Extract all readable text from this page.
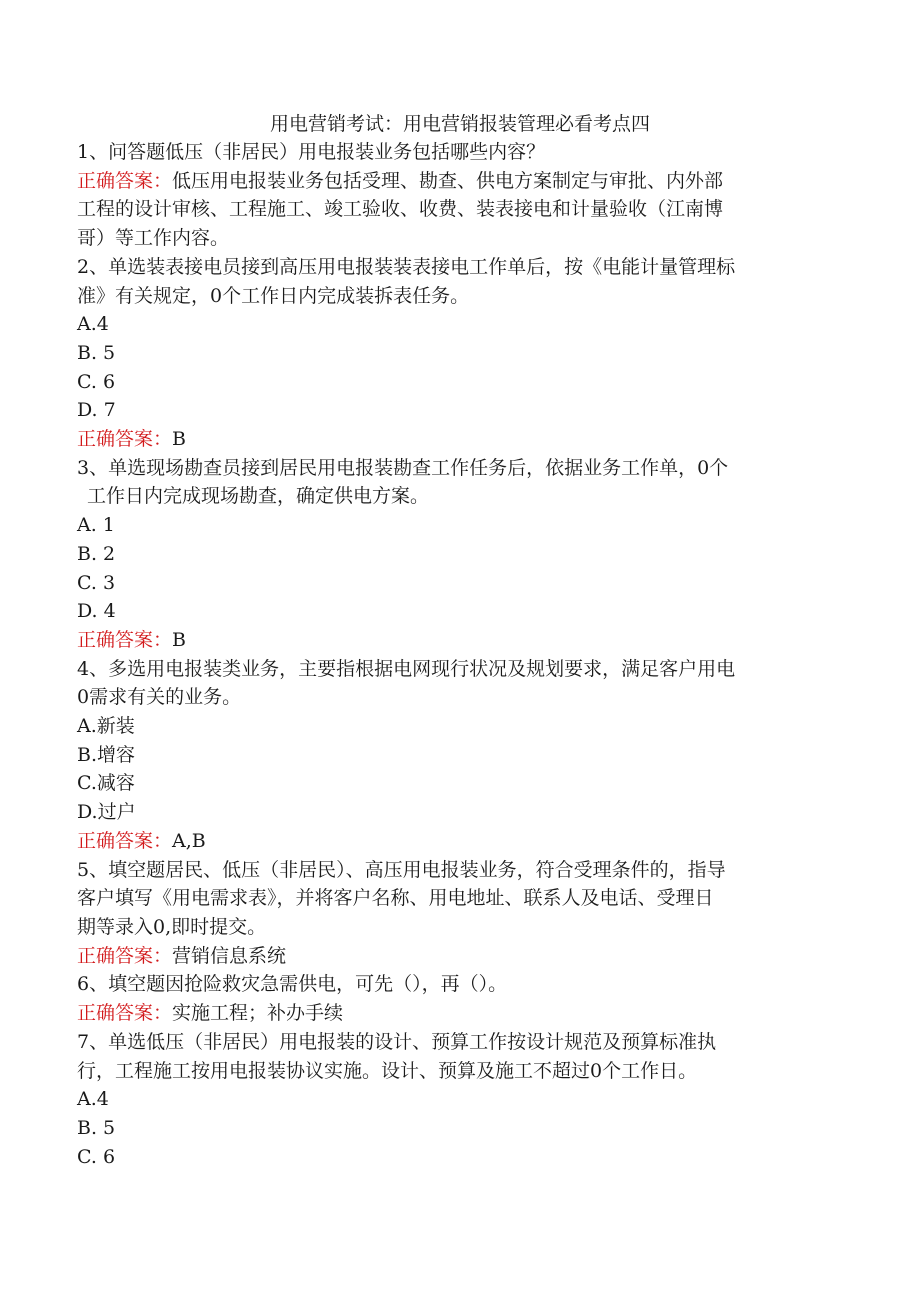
用电营销考试：用电营销报装管理必看考点四
1、问答题低压（非居民）用电报装业务包括哪些内容？
正确答案：低压用电报装业务包括受理、勘查、供电方案制定与审批、内外部
工程的设计审核、工程施工、竣工验收、收费、装表接电和计量验收（江南博
哥）等工作内容。
2、单选装表接电员接到高压用电报装装表接电工作单后，按《电能计量管理标
准》有关规定，0个工作日内完成装拆表任务。
A.4
B. 5
C. 6
D. 7
正确答案：B
3、单选现场勘查员接到居民用电报装勘查工作任务后，依据业务工作单，0个
工作日内完成现场勘查，确定供电方案。
A. 1
B. 2
C. 3
D. 4
正确答案：B
4、多选用电报装类业务，主要指根据电网现行状况及规划要求，满足客户用电
0需求有关的业务。
A.新装
B.增容
C.减容
D.过户
正确答案：A,B
5、填空题居民、低压（非居民）、高压用电报装业务，符合受理条件的，指导
客户填写《用电需求表》，并将客户名称、用电地址、联系人及电话、受理日
期等录入0,即时提交。
正确答案：营销信息系统
6、填空题因抢险救灾急需供电，可先（），再（）。
正确答案：实施工程；补办手续
7、单选低压（非居民）用电报装的设计、预算工作按设计规范及预算标准执
行，工程施工按用电报装协议实施。设计、预算及施工不超过0个工作日。
A.4
B. 5
C. 6
